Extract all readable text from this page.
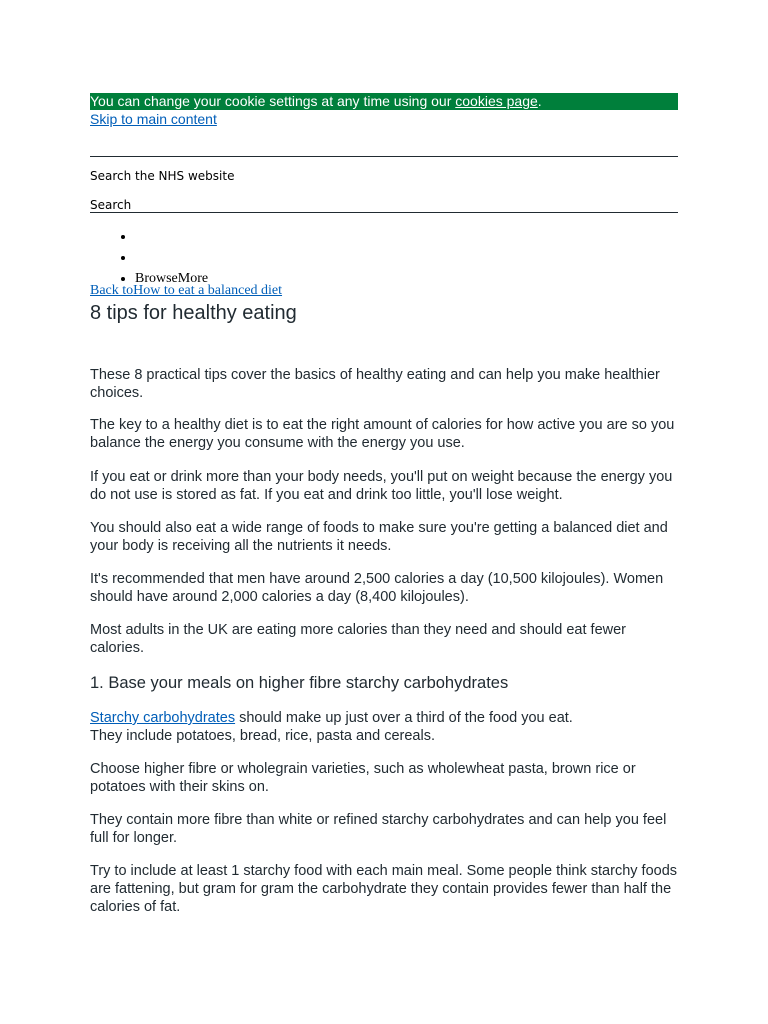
You can change your cookie settings at any time using our cookies page.
Skip to main content
Search the NHS website
Search
•
•
• BrowseMore
Back toHow to eat a balanced diet
8 tips for healthy eating

These 8 practical tips cover the basics of healthy eating and can help you make healthier choices.

The key to a healthy diet is to eat the right amount of calories for how active you are so you balance the energy you consume with the energy you use.

If you eat or drink more than your body needs, you'll put on weight because the energy you do not use is stored as fat. If you eat and drink too little, you'll lose weight.

You should also eat a wide range of foods to make sure you're getting a balanced diet and your body is receiving all the nutrients it needs.

It's recommended that men have around 2,500 calories a day (10,500 kilojoules). Women should have around 2,000 calories a day (8,400 kilojoules).

Most adults in the UK are eating more calories than they need and should eat fewer calories.

1. Base your meals on higher fibre starchy carbohydrates

Starchy carbohydrates should make up just over a third of the food you eat.
They include potatoes, bread, rice, pasta and cereals.

Choose higher fibre or wholegrain varieties, such as wholewheat pasta, brown rice or potatoes with their skins on.

They contain more fibre than white or refined starchy carbohydrates and can help you feel full for longer.

Try to include at least 1 starchy food with each main meal. Some people think starchy foods are fattening, but gram for gram the carbohydrate they contain provides fewer than half the calories of fat.
